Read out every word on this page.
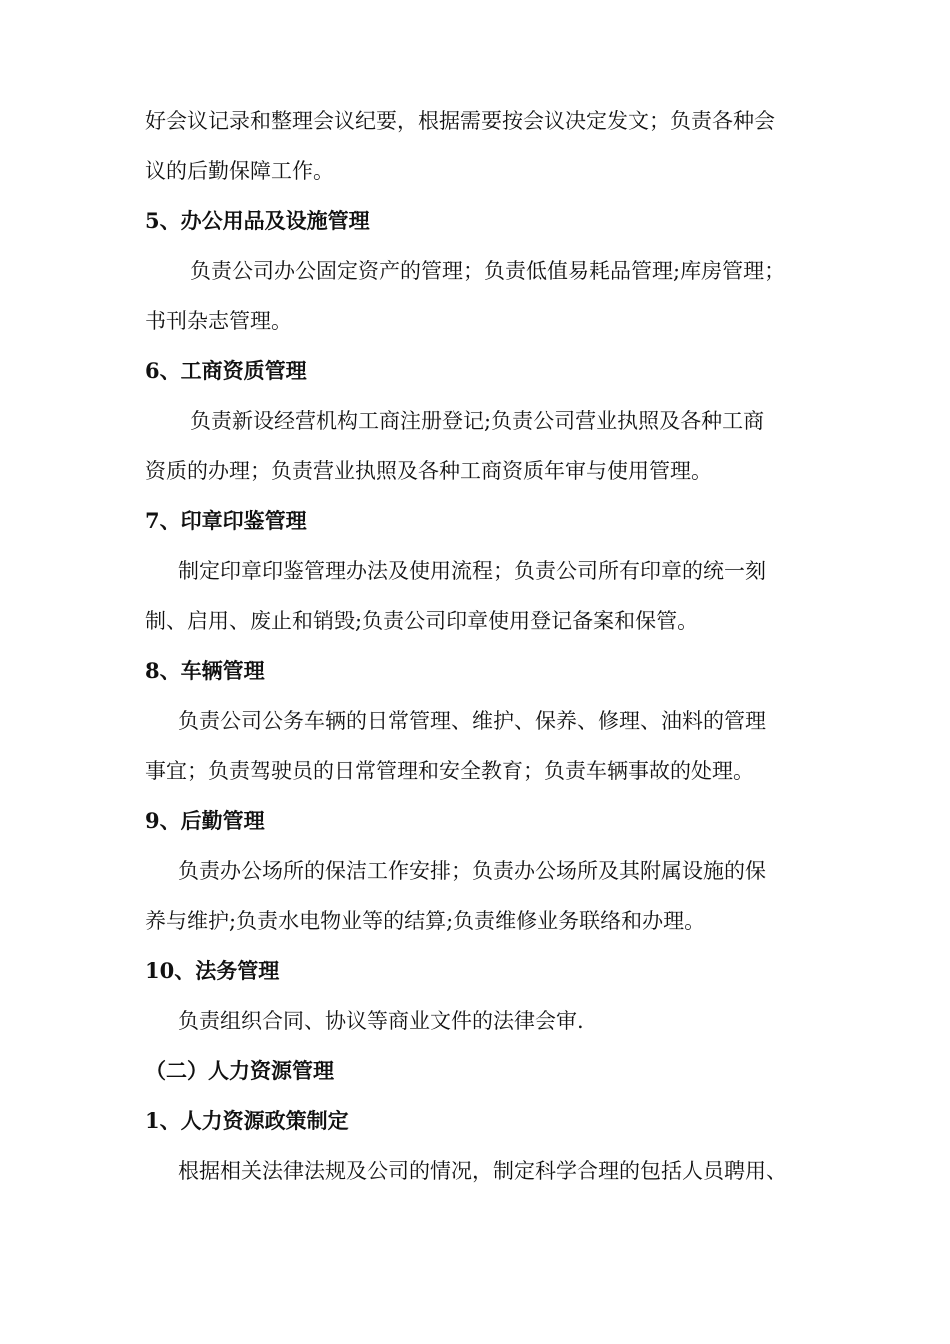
好会议记录和整理会议纪要，根据需要按会议决定发文；负责各种会
议的后勤保障工作。
5、办公用品及设施管理
负责公司办公固定资产的管理；负责低值易耗品管理;库房管理；
书刊杂志管理。
6、工商资质管理
负责新设经营机构工商注册登记;负责公司营业执照及各种工商
资质的办理；负责营业执照及各种工商资质年审与使用管理。
7、印章印鉴管理
制定印章印鉴管理办法及使用流程；负责公司所有印章的统一刻
制、启用、废止和销毁;负责公司印章使用登记备案和保管。
8、车辆管理
负责公司公务车辆的日常管理、维护、保养、修理、油料的管理
事宜；负责驾驶员的日常管理和安全教育；负责车辆事故的处理。
9、后勤管理
负责办公场所的保洁工作安排；负责办公场所及其附属设施的保
养与维护;负责水电物业等的结算;负责维修业务联络和办理。
10、法务管理
负责组织合同、协议等商业文件的法律会审.
（二）人力资源管理
1、人力资源政策制定
根据相关法律法规及公司的情况，制定科学合理的包括人员聘用、
